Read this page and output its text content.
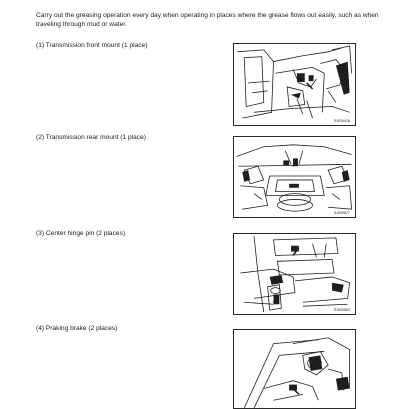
Carry out the greasing operation every day when operating in places where the grease flows out easily, such as when traveling through mud or water.

(1) Transmission front mount (1 place)

SJ034416

(2) Transmission rear mount (1 place)

SJ000877

(3) Center hinge pin (2 places)

SJ000853

(4) Praking brake (2 places)
